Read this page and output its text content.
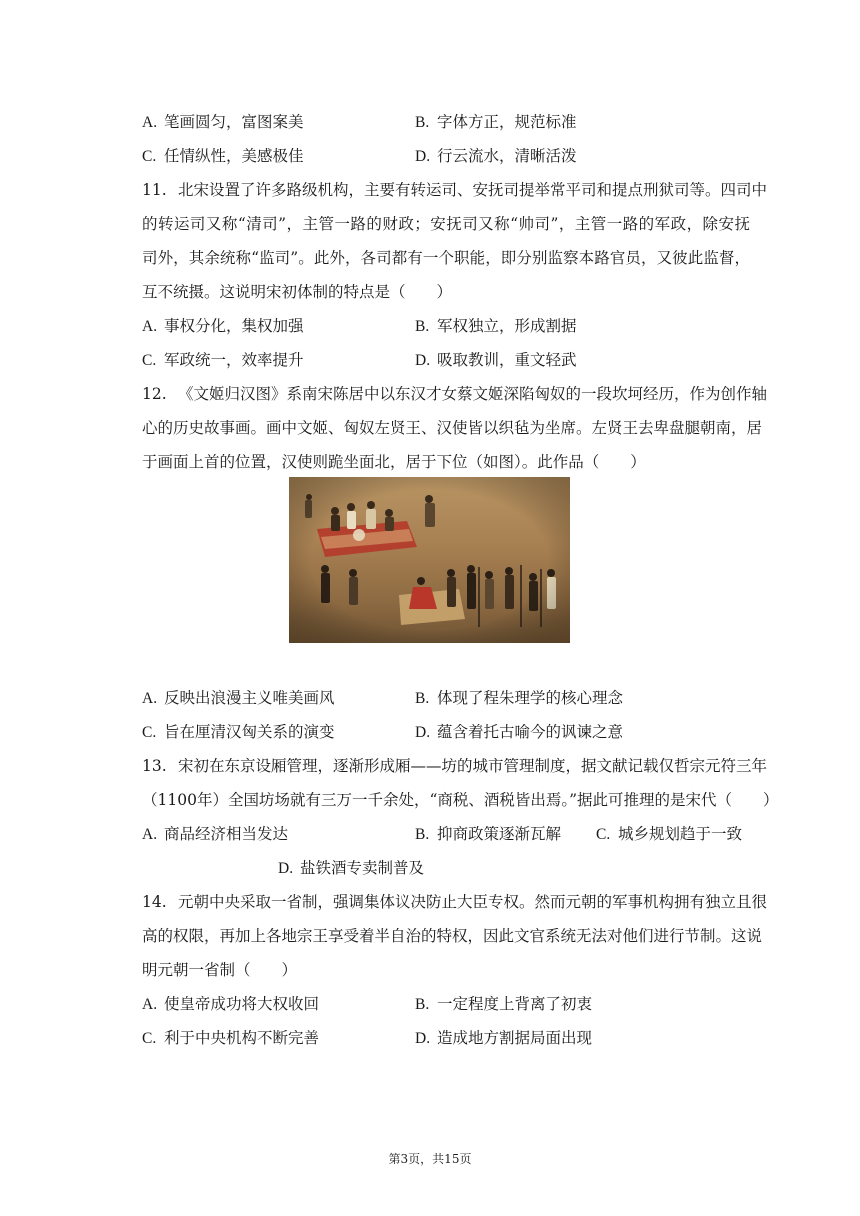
A. 笔画圆匀，富图案美	B. 字体方正，规范标准
C. 任情纵性，美感极佳	D. 行云流水，清晰活泼
11. 北宋设置了许多路级机构，主要有转运司、安抚司提举常平司和提点刑狱司等。四司中
的转运司又称“清司”，主管一路的财政；安抚司又称“帅司”，主管一路的军政，除安抚
司外，其余统称“监司”。此外，各司都有一个职能，即分别监察本路官员，又彼此监督，
互不统摄。这说明宋初体制的特点是（　　）
A. 事权分化，集权加强	B. 军权独立，形成割据
C. 军政统一，效率提升	D. 吸取教训，重文轻武
12. 《文姬归汉图》系南宋陈居中以东汉才女蔡文姬深陷匈奴的一段坎坷经历，作为创作轴
心的历史故事画。画中文姬、匈奴左贤王、汉使皆以织毡为坐席。左贤王去卑盘腿朝南，居
于画面上首的位置，汉使则跪坐面北，居于下位（如图）。此作品（　　）
A. 反映出浪漫主义唯美画风	B. 体现了程朱理学的核心理念
C. 旨在厘清汉匈关系的演变	D. 蕴含着托古喻今的讽谏之意
13. 宋初在东京设厢管理，逐渐形成厢——坊的城市管理制度，据文献记载仅哲宗元符三年
（1100年）全国坊场就有三万一千余处，“商税、酒税皆出焉。”据此可推理的是宋代（　　）
A. 商品经济相当发达	B. 抑商政策逐渐瓦解 C. 城乡规划趋于一致
D. 盐铁酒专卖制普及
14. 元朝中央采取一省制，强调集体议决防止大臣专权。然而元朝的军事机构拥有独立且很
高的权限，再加上各地宗王享受着半自治的特权，因此文官系统无法对他们进行节制。这说
明元朝一省制（　　）
A. 使皇帝成功将大权收回	B. 一定程度上背离了初衷
C. 利于中央机构不断完善	D. 造成地方割据局面出现
第3页，共15页
